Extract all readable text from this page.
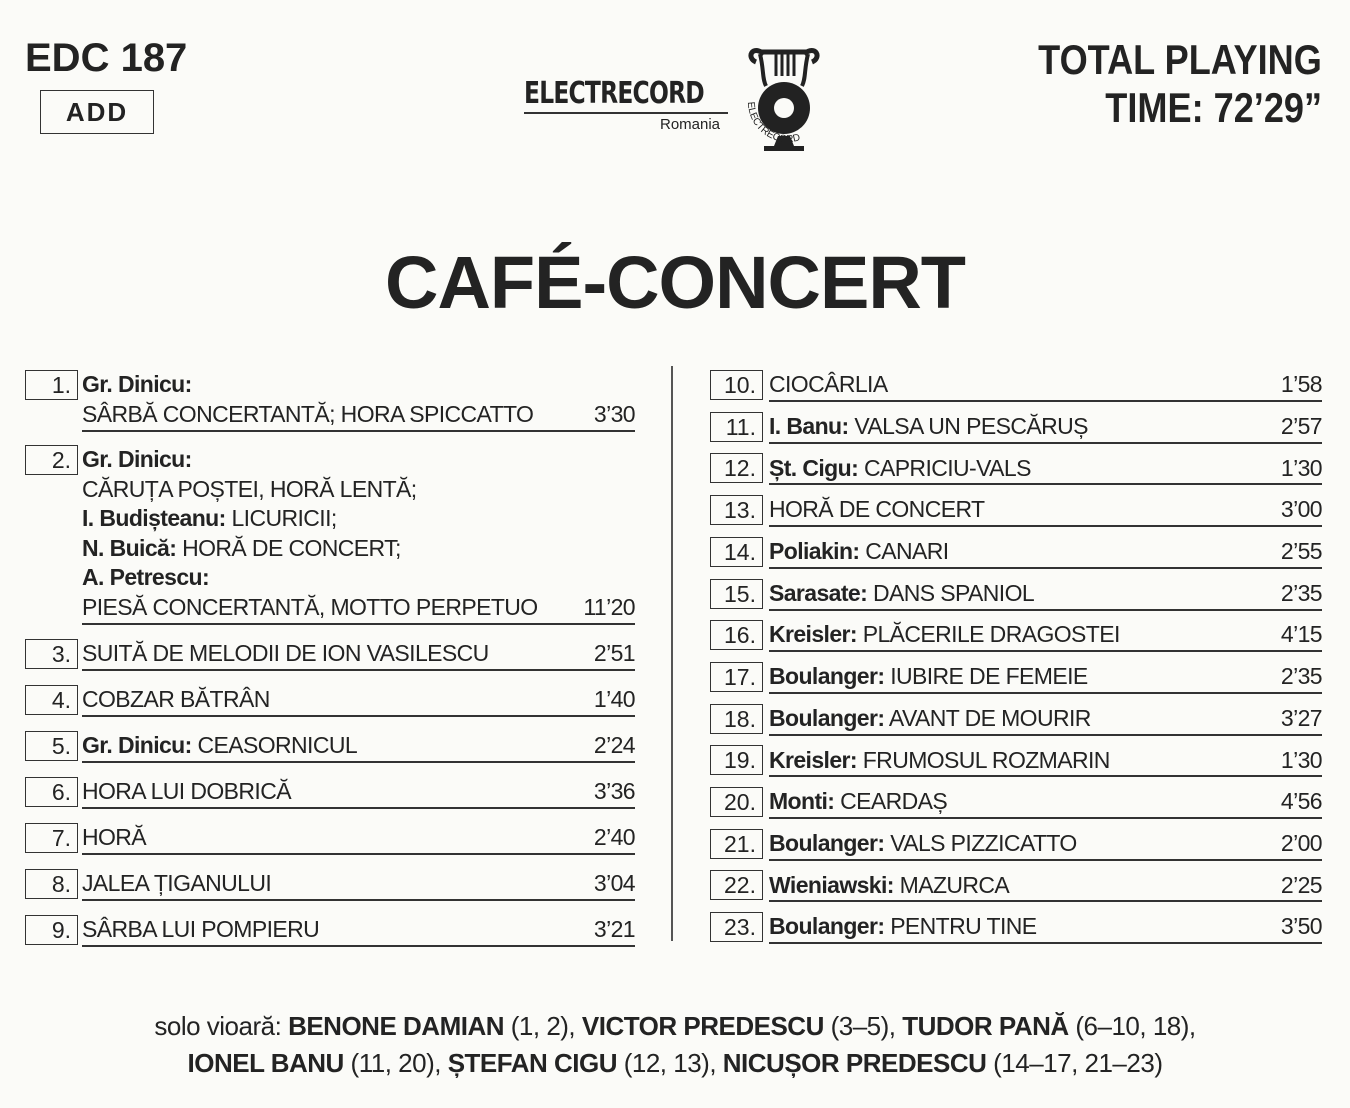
EDC 187
ADD
ELECTRECORD
Romania
ELECTRECORD
TOTAL PLAYING
TIME: 72’29”
CAFÉ-CONCERT
1. Gr. Dinicu:
SÂRBĂ CONCERTANTĂ; HORA SPICCATTO	3’30
2. Gr. Dinicu:
CĂRUȚA POȘTEI, HORĂ LENTĂ;
I. Budișteanu: LICURICII;
N. Buică: HORĂ DE CONCERT;
A. Petrescu:
PIESĂ CONCERTANTĂ, MOTTO PERPETUO	11’20
3. SUITĂ DE MELODII DE ION VASILESCU	2’51
4. COBZAR BĂTRÂN	1’40
5. Gr. Dinicu: CEASORNICUL	2’24
6. HORA LUI DOBRICĂ	3’36
7. HORĂ	2’40
8. JALEA ȚIGANULUI	3’04
9. SÂRBA LUI POMPIERU	3’21
10. CIOCÂRLIA	1’58
11. I. Banu: VALSA UN PESCĂRUȘ	2’57
12. Șt. Cigu: CAPRICIU-VALS	1’30
13. HORĂ DE CONCERT	3’00
14. Poliakin: CANARI	2’55
15. Sarasate: DANS SPANIOL	2’35
16. Kreisler: PLĂCERILE DRAGOSTEI	4’15
17. Boulanger: IUBIRE DE FEMEIE	2’35
18. Boulanger: AVANT DE MOURIR	3’27
19. Kreisler: FRUMOSUL ROZMARIN	1’30
20. Monti: CEARDAȘ	4’56
21. Boulanger: VALS PIZZICATTO	2’00
22. Wieniawski: MAZURCA	2’25
23. Boulanger: PENTRU TINE	3’50
solo vioară: BENONE DAMIAN (1, 2), VICTOR PREDESCU (3–5), TUDOR PANĂ (6–10, 18),
IONEL BANU (11, 20), ȘTEFAN CIGU (12, 13), NICUȘOR PREDESCU (14–17, 21–23)
